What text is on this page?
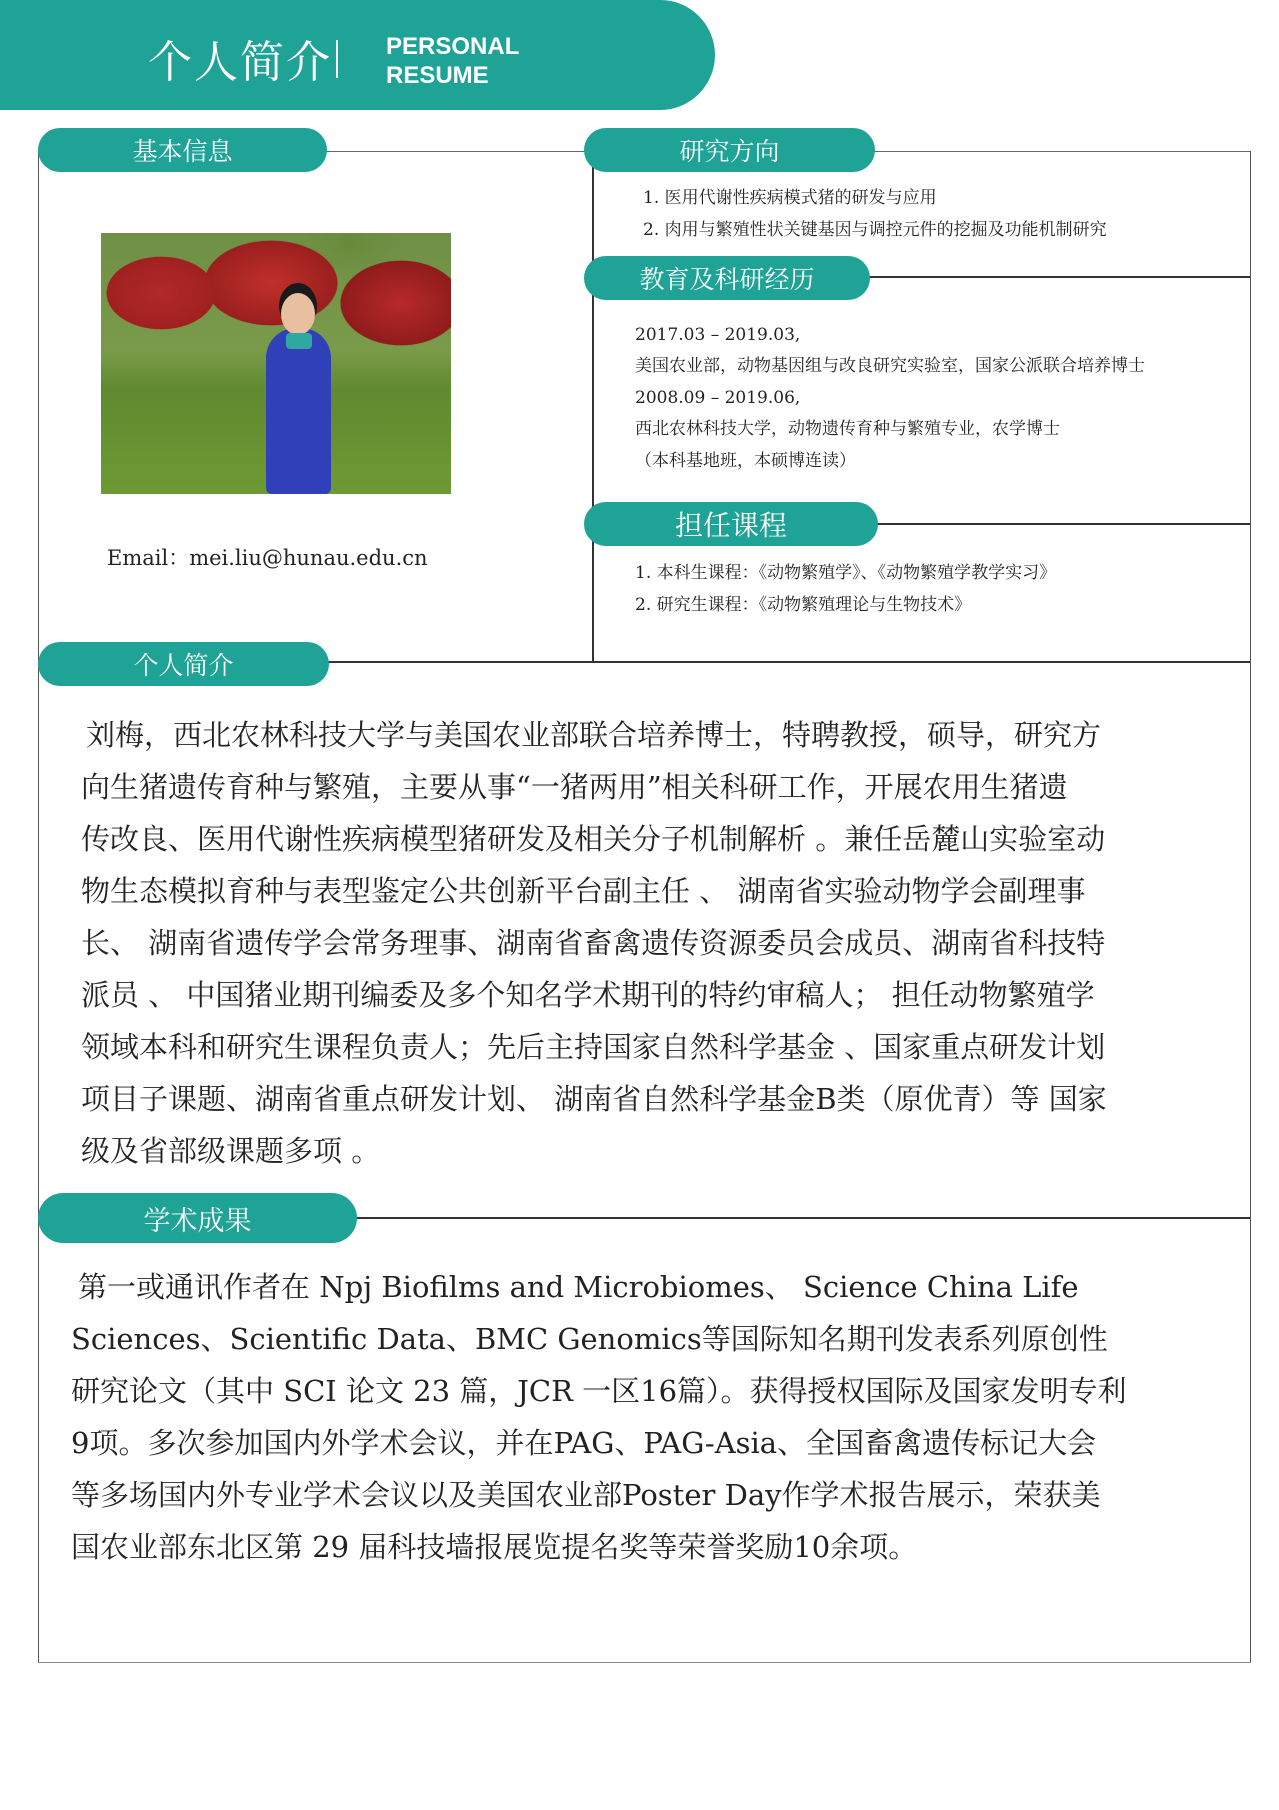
个人简介 PERSONAL
RESUME
基本信息
Email：mei.liu@hunau.edu.cn
研究方向
1. 医用代谢性疾病模式猪的研发与应用
2. 肉用与繁殖性状关键基因与调控元件的挖掘及功能机制研究
教育及科研经历
2017.03 – 2019.03,
美国农业部，动物基因组与改良研究实验室，国家公派联合培养博士
2008.09 – 2019.06,
西北农林科技大学，动物遗传育种与繁殖专业，农学博士
（本科基地班，本硕博连读）
担任课程
1. 本科生课程：《动物繁殖学》、《动物繁殖学教学实习》
2. 研究生课程：《动物繁殖理论与生物技术》
个人简介
刘梅，西北农林科技大学与美国农业部联合培养博士，特聘教授，硕导，研究方
向生猪遗传育种与繁殖，主要从事“一猪两用”相关科研工作，开展农用生猪遗
传改良、医用代谢性疾病模型猪研发及相关分子机制解析 。兼任岳麓山实验室动
物生态模拟育种与表型鉴定公共创新平台副主任 、 湖南省实验动物学会副理事
长、 湖南省遗传学会常务理事、湖南省畜禽遗传资源委员会成员、湖南省科技特
派员 、 中国猪业期刊编委及多个知名学术期刊的特约审稿人； 担任动物繁殖学
领域本科和研究生课程负责人；先后主持国家自然科学基金 、国家重点研发计划
项目子课题、湖南省重点研发计划、 湖南省自然科学基金B类（原优青）等 国家
级及省部级课题多项 。
学术成果
第一或通讯作者在 Npj Biofilms and Microbiomes、 Science China Life
Sciences、Scientific Data、BMC Genomics等国际知名期刊发表系列原创性
研究论文（其中 SCI 论文 23 篇，JCR 一区16篇）。获得授权国际及国家发明专利
9项。多次参加国内外学术会议，并在PAG、PAG-Asia、全国畜禽遗传标记大会
等多场国内外专业学术会议以及美国农业部Poster Day作学术报告展示，荣获美
国农业部东北区第 29 届科技墙报展览提名奖等荣誉奖励10余项。
